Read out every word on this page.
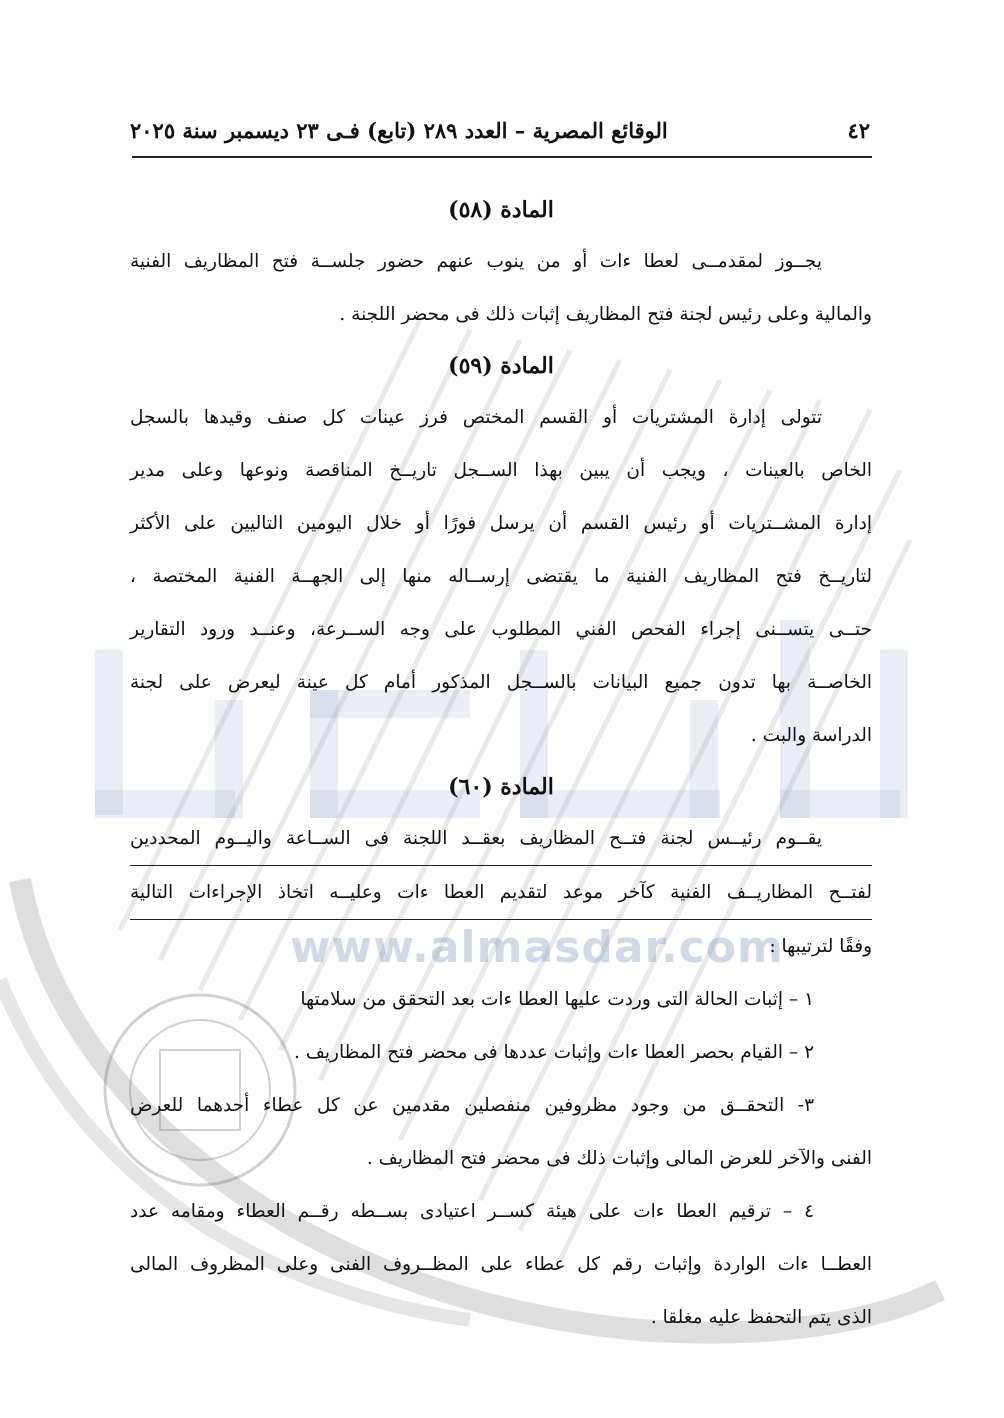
www.almasdar.com
٤٢
الوقائع المصرية – العدد ٢٨٩ (تابع) فـى ٢٣ ديسمبر سنة ٢٠٢٥
المادة (٥٨)
يجــوز لمقدمــى لعطا ءات أو من ينوب عنهم حضور جلســة فتح المظاريف الفنية
والمالية وعلى رئيس لجنة فتح المظاريف إثبات ذلك فى محضر اللجنة .
المادة (٥٩)
تتولى إدارة المشتريات أو القسم المختص فرز عينات كل صنف وقيدها بالسجل
الخاص بالعينات ، ويجب أن يبين بهذا الســجل تاريــخ المناقصة ونوعها وعلى مدير
إدارة المشــتريات أو رئيس القسم أن يرسل فورًا أو خلال اليومين التاليين على الأكثر
لتاريــخ فتح المظاريف الفنية ما يقتضى إرســاله منها إلى الجهــة الفنية المختصة ،
حتــى يتســنى إجراء الفحص الفني المطلوب على وجه الســرعة، وعنــد ورود التقارير
الخاصــة بها تدون جميع البيانات بالســجل المذكور أمام كل عينة ليعرض على لجنة
الدراسة والبت .
المادة (٦٠)
يقــوم رئيــس لجنة فتــح المظاريف بعقــد اللجنة فى الســاعة واليــوم المحددين
لفتــح المظاريــف الفنية كآخر موعد لتقديم العطا ءات وعليــه اتخاذ الإجراءات التالية
وفقًا لترتيبها :
١ – إثبات الحالة التى وردت عليها العطا ءات بعد التحقق من سلامتها
٢ – القيام بحصر العطا ءات وإثبات عددها فى محضر فتح المظاريف .
٣- التحقــق من وجود مظروفين منفصلين مقدمين عن كل عطاء أحدهما للعرض
الفنى والآخر للعرض المالى وإثبات ذلك فى محضر فتح المظاريف .
٤ – ترقيم العطا ءات على هيئة كســر اعتيادى بســطه رقــم العطاء ومقامه عدد
العطــا ءات الواردة وإثبات رقم كل عطاء على المظــروف الفنى وعلى المظروف المالى
الذى يتم التحفظ عليه مغلقا .
